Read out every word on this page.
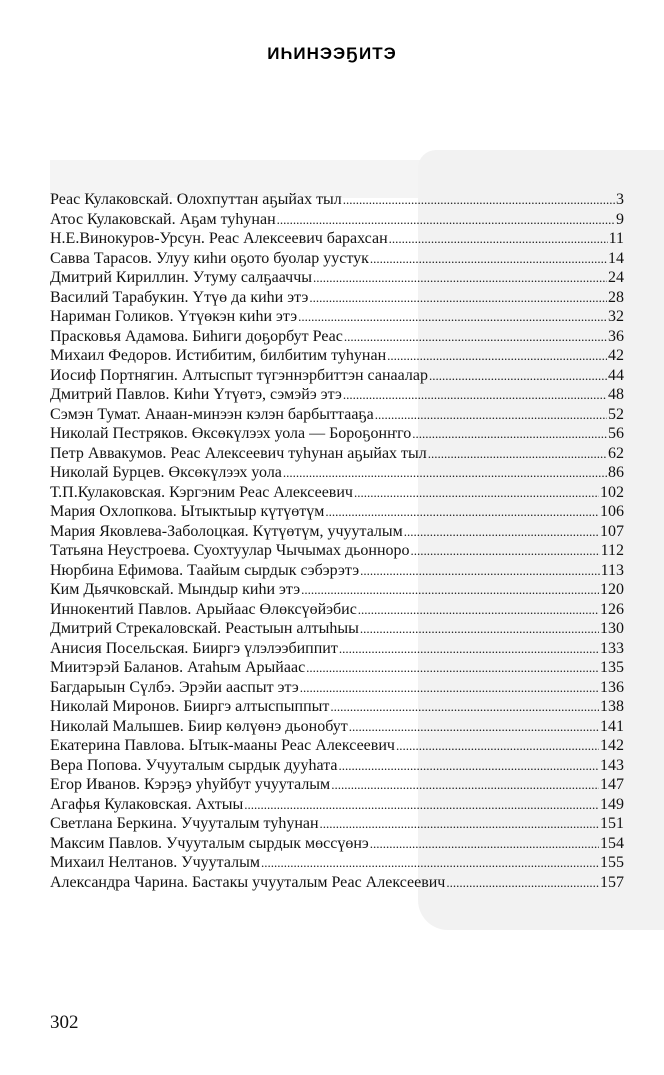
ИҺИНЭЭҔИТЭ
Реас Кулаковскай. Олохпуттан аҕыйах тыл .....	3
Атос Кулаковскай. Аҕам туһунан .....	9
Н.Е.Винокуров-Урсун. Реас Алексеевич барахсан .....	11
Савва Тарасов. Улуу киһи оҕото буолар уустук .....	14
Дмитрий Кириллин. Утуму салҕааччы .....	24
Василий Тарабукин. Үтүө да киһи этэ .....	28
Нариман Голиков. Үтүөкэн киһи этэ .....	32
Прасковья Адамова. Биһиги доҕорбут Реас .....	36
Михаил Федоров. Истибитим, билбитим туһунан .....	42
Иосиф Портнягин. Алтыспыт түгэннэрбиттэн санаалар .....	44
Дмитрий Павлов. Киһи Үтүөтэ, сэмэйэ этэ .....	48
Сэмэн Тумат. Анаан-минээн кэлэн барбыттааҕа .....	52
Николай Пестряков. Өксөкүлээх уола — Бороҕонҥго .....	56
Петр Аввакумов. Реас Алексеевич туһунан аҕыйах тыл .....	62
Николай Бурцев. Өксөкүлээх уола .....	86
Т.П.Кулаковская. Кэргэним Реас Алексеевич .....	102
Мария Охлопкова. Ытыктыыр күтүөтүм .....	106
Мария Яковлева-Заболоцкая. Күтүөтүм, учууталым .....	107
Татьяна Неустроева. Суохтуулар Чычымах дьонноро .....	112
Нюрбина Ефимова. Таайым сырдык сэбэрэтэ .....	113
Ким Дьячковскай. Мындыр киһи этэ .....	120
Иннокентий Павлов. Арыйаас Өлөксүөйэбис .....	126
Дмитрий Стрекаловскай. Реастыын алтыһыы .....	130
Анисия Посельская. Бииргэ үлэлээбиппит .....	133
Миитэрэй Баланов. Атаһым Арыйаас .....	135
Багдарыын Сүлбэ. Эрэйи ааспыт этэ .....	136
Николай Миронов. Бииргэ алтыспыппыт .....	138
Николай Малышев. Биир көлүөнэ дьонобут .....	141
Екатерина Павлова. Ытык-мааны Реас Алексеевич .....	142
Вера Попова. Учууталым сырдык дууһата .....	143
Егор Иванов. Кэрэҕэ уһуйбут учууталым .....	147
Агафья Кулаковская. Ахтыы .....	149
Светлана Беркина. Учууталым туһунан .....	151
Максим Павлов. Учууталым сырдык мөссүөнэ .....	154
Михаил Нелтанов. Учууталым .....	155
Александра Чарина. Бастакы учууталым Реас Алексеевич .....	157
302
